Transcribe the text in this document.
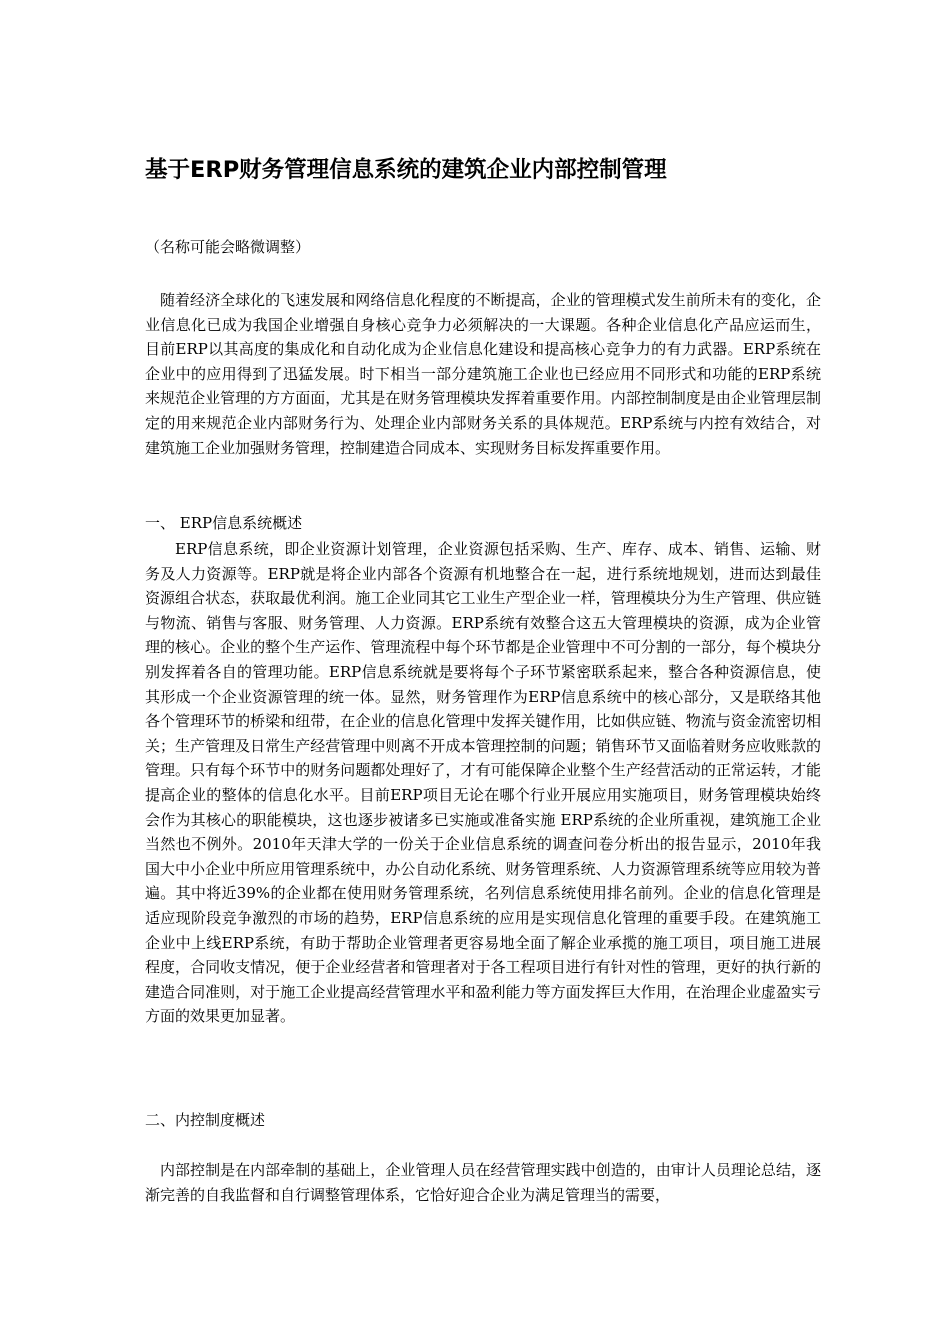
基于ERP财务管理信息系统的建筑企业内部控制管理

（名称可能会略微调整）

随着经济全球化的飞速发展和网络信息化程度的不断提高，企业的管理模式发生前所未有的变化，企业信息化已成为我国企业增强自身核心竞争力必须解决的一大课题。各种企业信息化产品应运而生， 目前ERP以其高度的集成化和自动化成为企业信息化建设和提高核心竞争力的有力武器。ERP系统在企业中的应用得到了迅猛发展。时下相当一部分建筑施工企业也已经应用不同形式和功能的ERP系统来规范企业管理的方方面面，尤其是在财务管理模块发挥着重要作用。内部控制制度是由企业管理层制定的用来规范企业内部财务行为、处理企业内部财务关系的具体规范。ERP系统与内控有效结合，对建筑施工企业加强财务管理，控制建造合同成本、实现财务目标发挥重要作用。

一、 ERP信息系统概述

ERP信息系统，即企业资源计划管理，企业资源包括采购、生产、库存、成本、销售、运输、财务及人力资源等。ERP就是将企业内部各个资源有机地整合在一起，进行系统地规划，进而达到最佳资源组合状态，获取最优利润。施工企业同其它工业生产型企业一样，管理模块分为生产管理、供应链与物流、销售与客服、财务管理、人力资源。ERP系统有效整合这五大管理模块的资源，成为企业管理的核心。企业的整个生产运作、管理流程中每个环节都是企业管理中不可分割的一部分，每个模块分别发挥着各自的管理功能。ERP信息系统就是要将每个子环节紧密联系起来，整合各种资源信息，使其形成一个企业资源管理的统一体。显然，财务管理作为ERP信息系统中的核心部分，又是联络其他各个管理环节的桥梁和纽带，在企业的信息化管理中发挥关键作用，比如供应链、物流与资金流密切相关；生产管理及日常生产经营管理中则离不开成本管理控制的问题；销售环节又面临着财务应收账款的管理。只有每个环节中的财务问题都处理好了，才有可能保障企业整个生产经营活动的正常运转，才能提高企业的整体的信息化水平。目前ERP项目无论在哪个行业开展应用实施项目，财务管理模块始终会作为其核心的职能模块，这也逐步被诸多已实施或准备实施 ERP系统的企业所重视，建筑施工企业当然也不例外。2010年天津大学的一份关于企业信息系统的调查问卷分析出的报告显示，2010年我国大中小企业中所应用管理系统中，办公自动化系统、财务管理系统、人力资源管理系统等应用较为普遍。其中将近39%的企业都在使用财务管理系统，名列信息系统使用排名前列。企业的信息化管理是适应现阶段竞争激烈的市场的趋势，ERP信息系统的应用是实现信息化管理的重要手段。在建筑施工企业中上线ERP系统，有助于帮助企业管理者更容易地全面了解企业承揽的施工项目，项目施工进展程度，合同收支情况，便于企业经营者和管理者对于各工程项目进行有针对性的管理，更好的执行新的建造合同准则，对于施工企业提高经营管理水平和盈利能力等方面发挥巨大作用，在治理企业虚盈实亏方面的效果更加显著。

二、内控制度概述

内部控制是在内部牵制的基础上，企业管理人员在经营管理实践中创造的，由审计人员理论总结，逐渐完善的自我监督和自行调整管理体系，它恰好迎合企业为满足管理当的需要，
